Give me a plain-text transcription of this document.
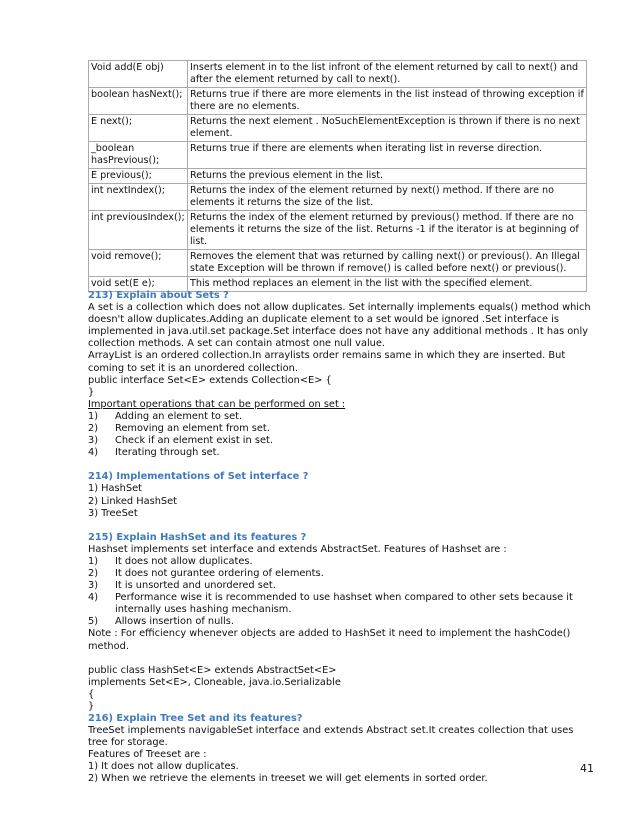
Void add(E obj)	Inserts element in to the list infront of the element returned by call to next() and after the element returned by call to next().
boolean hasNext();	Returns true if there are more elements in the list instead of throwing exception if there are no elements.
E next();	Returns the next element . NoSuchElementException is thrown if there is no next element.
_boolean hasPrevious();	Returns true if there are elements when iterating list in reverse direction.
E previous();	Returns the previous element in the list.
int nextIndex();	Returns the index of the element returned by next() method. If there are no elements it returns the size of the list.
int previousIndex();	Returns the index of the element returned by previous() method. If there are no elements it returns the size of the list. Returns -1 if the iterator is at beginning of list.
void remove();	Removes the element that was returned by calling next() or previous(). An Illegal state Exception will be thrown if remove() is called before next() or previous().
void set(E e);	This method replaces an element in the list with the specified element.

213) Explain about Sets ?

A set is a collection which does not allow duplicates. Set internally implements equals() method which doesn't allow duplicates.Adding an duplicate element to a set would be ignored .Set interface is implemented in java.util.set package.Set interface does not have any additional methods . It has only collection methods. A set can contain atmost one null value.

ArrayList is an ordered collection.In arraylists order remains same in which they are inserted. But coming to set it is an unordered collection.

public interface Set<E> extends Collection<E> {

}

Important operations that can be performed on set :

1)	Adding an element to set.
2)	Removing an element from set.
3)	Check if an element exist in set.
4)	Iterating through set.

214) Implementations of Set interface ?

1) HashSet

2) Linked HashSet

3) TreeSet

215) Explain HashSet and its features ?

Hashset implements set interface and extends AbstractSet. Features of Hashset are :

1)	It does not allow duplicates.
2)	It does not gurantee ordering of elements.
3)	It is unsorted and unordered set.
4)	Performance wise it is recommended to use hashset when compared to other sets because it internally uses hashing mechanism.
5)	Allows insertion of nulls.

Note : For efficiency whenever objects are added to HashSet it need to implement the hashCode() method.

public class HashSet<E> extends AbstractSet<E>

implements Set<E>, Cloneable, java.io.Serializable

{

}

216) Explain Tree Set and its features?

TreeSet implements navigableSet interface and extends Abstract set.It creates collection that uses tree for storage.

Features of Treeset are :

1) It does not allow duplicates.

2) When we retrieve the elements in treeset we will get elements in sorted order.

41
